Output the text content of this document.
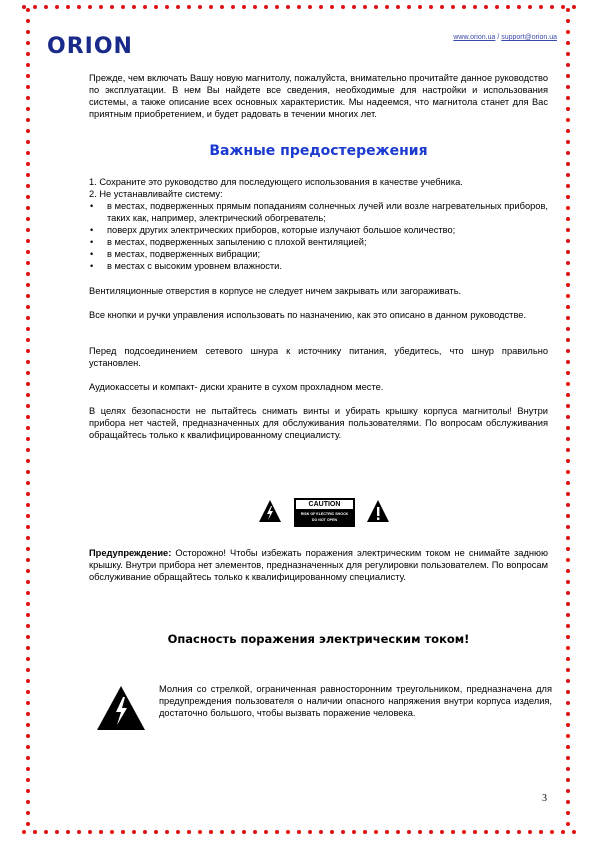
ORION	www.orion.ua / support@orion.ua
Прежде, чем включать Вашу новую магнитолу, пожалуйста, внимательно прочитайте данное руководство по эксплуатации. В нем Вы найдете все сведения, необходимые для настройки и использования системы, а также описание всех основных характеристик. Мы надеемся, что магнитола станет для Вас приятным приобретением, и будет радовать в течении многих лет.
Важные предостережения
1. Сохраните это руководство для последующего использования в качестве учебника.
2. Не устанавливайте систему:
• в местах, подверженных прямым попаданиям солнечных лучей или возле нагревательных приборов, таких как, например, электрический обогреватель;
• поверх других электрических приборов, которые излучают большое количество;
• в местах, подверженных запылению с плохой вентиляцией;
• в местах, подверженных вибрации;
• в местах с высоким уровнем влажности.
Вентиляционные отверстия в корпусе не следует ничем закрывать или загораживать.
Все кнопки и ручки управления использовать по назначению, как это описано в данном руководстве.
Перед подсоединением сетевого шнура к источнику питания, убедитесь, что шнур правильно установлен.
Аудиокассеты и компакт- диски храните в сухом прохладном месте.
В целях безопасности не пытайтесь снимать винты и убирать крышку корпуса магнитолы! Внутри прибора нет частей, предназначенных для обслуживания пользователями. По вопросам обслуживания обращайтесь только к квалифицированному специалисту.
CAUTION
RISK OF ELECTRIC SHOCK
DO NOT OPEN
Предупреждение: Осторожно! Чтобы избежать поражения электрическим током не снимайте заднюю крышку. Внутри прибора нет элементов, предназначенных для регулировки пользователем. По вопросам обслуживание обращайтесь только к квалифицированному специалисту.
Опасность поражения электрическим током!
Молния со стрелкой, ограниченная равносторонним треугольником, предназначена для предупреждения пользователя о наличии опасного напряжения внутри корпуса изделия, достаточно большого, чтобы вызвать поражение человека.
3
